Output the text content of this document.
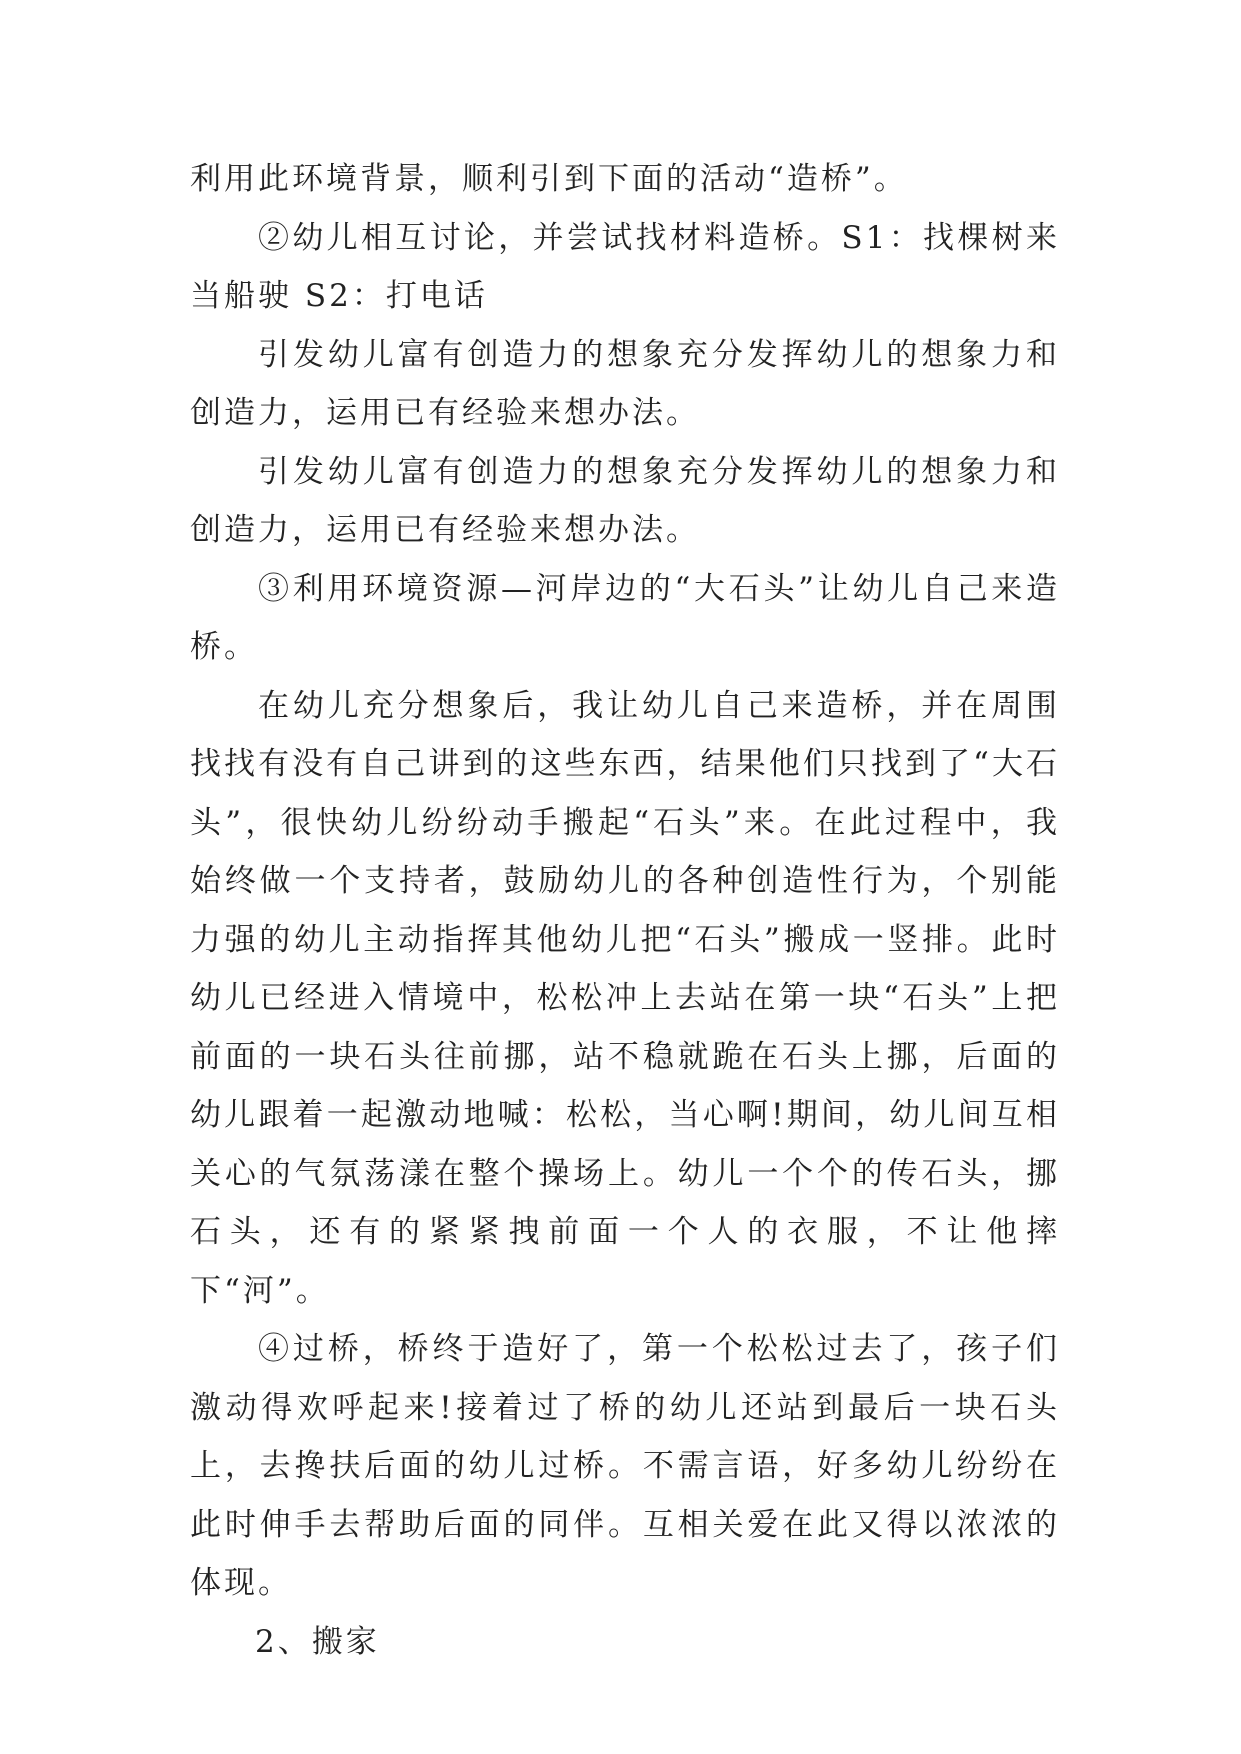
利用此环境背景，顺利引到下面的活动“造桥”。

②幼儿相互讨论，并尝试找材料造桥。S1：找棵树来当船驶 S2：打电话

引发幼儿富有创造力的想象充分发挥幼儿的想象力和创造力，运用已有经验来想办法。

引发幼儿富有创造力的想象充分发挥幼儿的想象力和创造力，运用已有经验来想办法。

③利用环境资源—河岸边的“大石头”让幼儿自己来造桥。

在幼儿充分想象后，我让幼儿自己来造桥，并在周围找找有没有自己讲到的这些东西，结果他们只找到了“大石头”，很快幼儿纷纷动手搬起“石头”来。在此过程中，我始终做一个支持者，鼓励幼儿的各种创造性行为，个别能力强的幼儿主动指挥其他幼儿把“石头”搬成一竖排。此时幼儿已经进入情境中，松松冲上去站在第一块“石头”上把前面的一块石头往前挪，站不稳就跪在石头上挪，后面的幼儿跟着一起激动地喊：松松，当心啊!期间，幼儿间互相关心的气氛荡漾在整个操场上。幼儿一个个的传石头，挪石头，还有的紧紧拽前面一个人的衣服，不让他摔下“河”。

④过桥，桥终于造好了，第一个松松过去了，孩子们激动得欢呼起来!接着过了桥的幼儿还站到最后一块石头上，去搀扶后面的幼儿过桥。不需言语，好多幼儿纷纷在此时伸手去帮助后面的同伴。互相关爱在此又得以浓浓的体现。

2、搬家
